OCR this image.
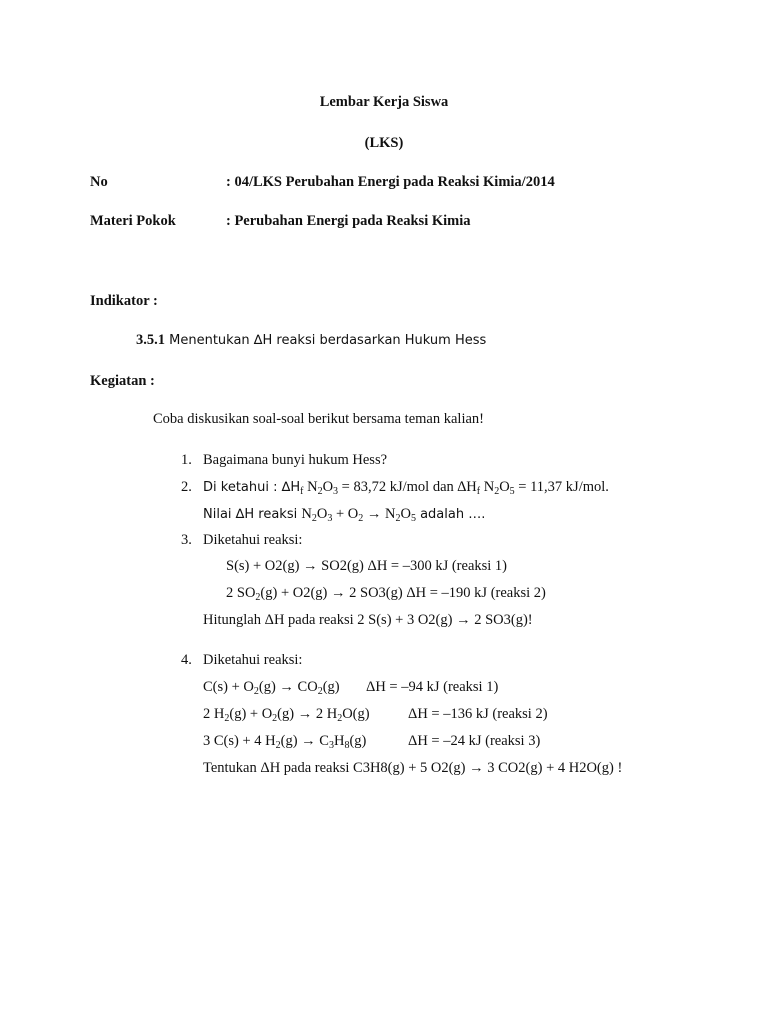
Lembar Kerja Siswa
(LKS)
No	: 04/LKS Perubahan Energi pada Reaksi Kimia/2014
Materi Pokok	: Perubahan Energi pada Reaksi Kimia
Indikator :
3.5.1 Menentukan ∆H reaksi berdasarkan Hukum Hess
Kegiatan :
Coba diskusikan soal-soal berikut bersama teman kalian!
1. Bagaimana bunyi hukum Hess?
2. Di ketahui : $\Delta H_f$ $N_2O_3 = 83,72$ kJ/mol dan $\Delta H_f$ $N_2O_5 = 11,37$ kJ/mol.
Nilai ∆H reaksi $N_2O_3 + O_2 \to N_2O_5$ adalah ….
3. Diketahui reaksi:
S(s) + O2(g) → SO2(g) ΔH = –300 kJ (reaksi 1)
2 $SO_2(g) + O2(g) \to 2$ SO3(g) ΔH = –190 kJ (reaksi 2)
Hitunglah ΔH pada reaksi 2 S(s) + 3 O2(g) → 2 SO3(g)!
4. Diketahui reaksi:
$C(s) + O_2(g) \to CO_2(g) \Delta H = -94$ kJ (reaksi 1)
2 $H_2(g) + O_2(g) \to 2$ $H_2O(g)$	ΔH = –136 kJ (reaksi 2)
3 C(s) + 4 $H_2(g) \to C_3H_8(g)$	ΔH = –24 kJ (reaksi 3)
Tentukan ΔH pada reaksi C3H8(g) + 5 O2(g) → 3 CO2(g) + 4 H2O(g) !
